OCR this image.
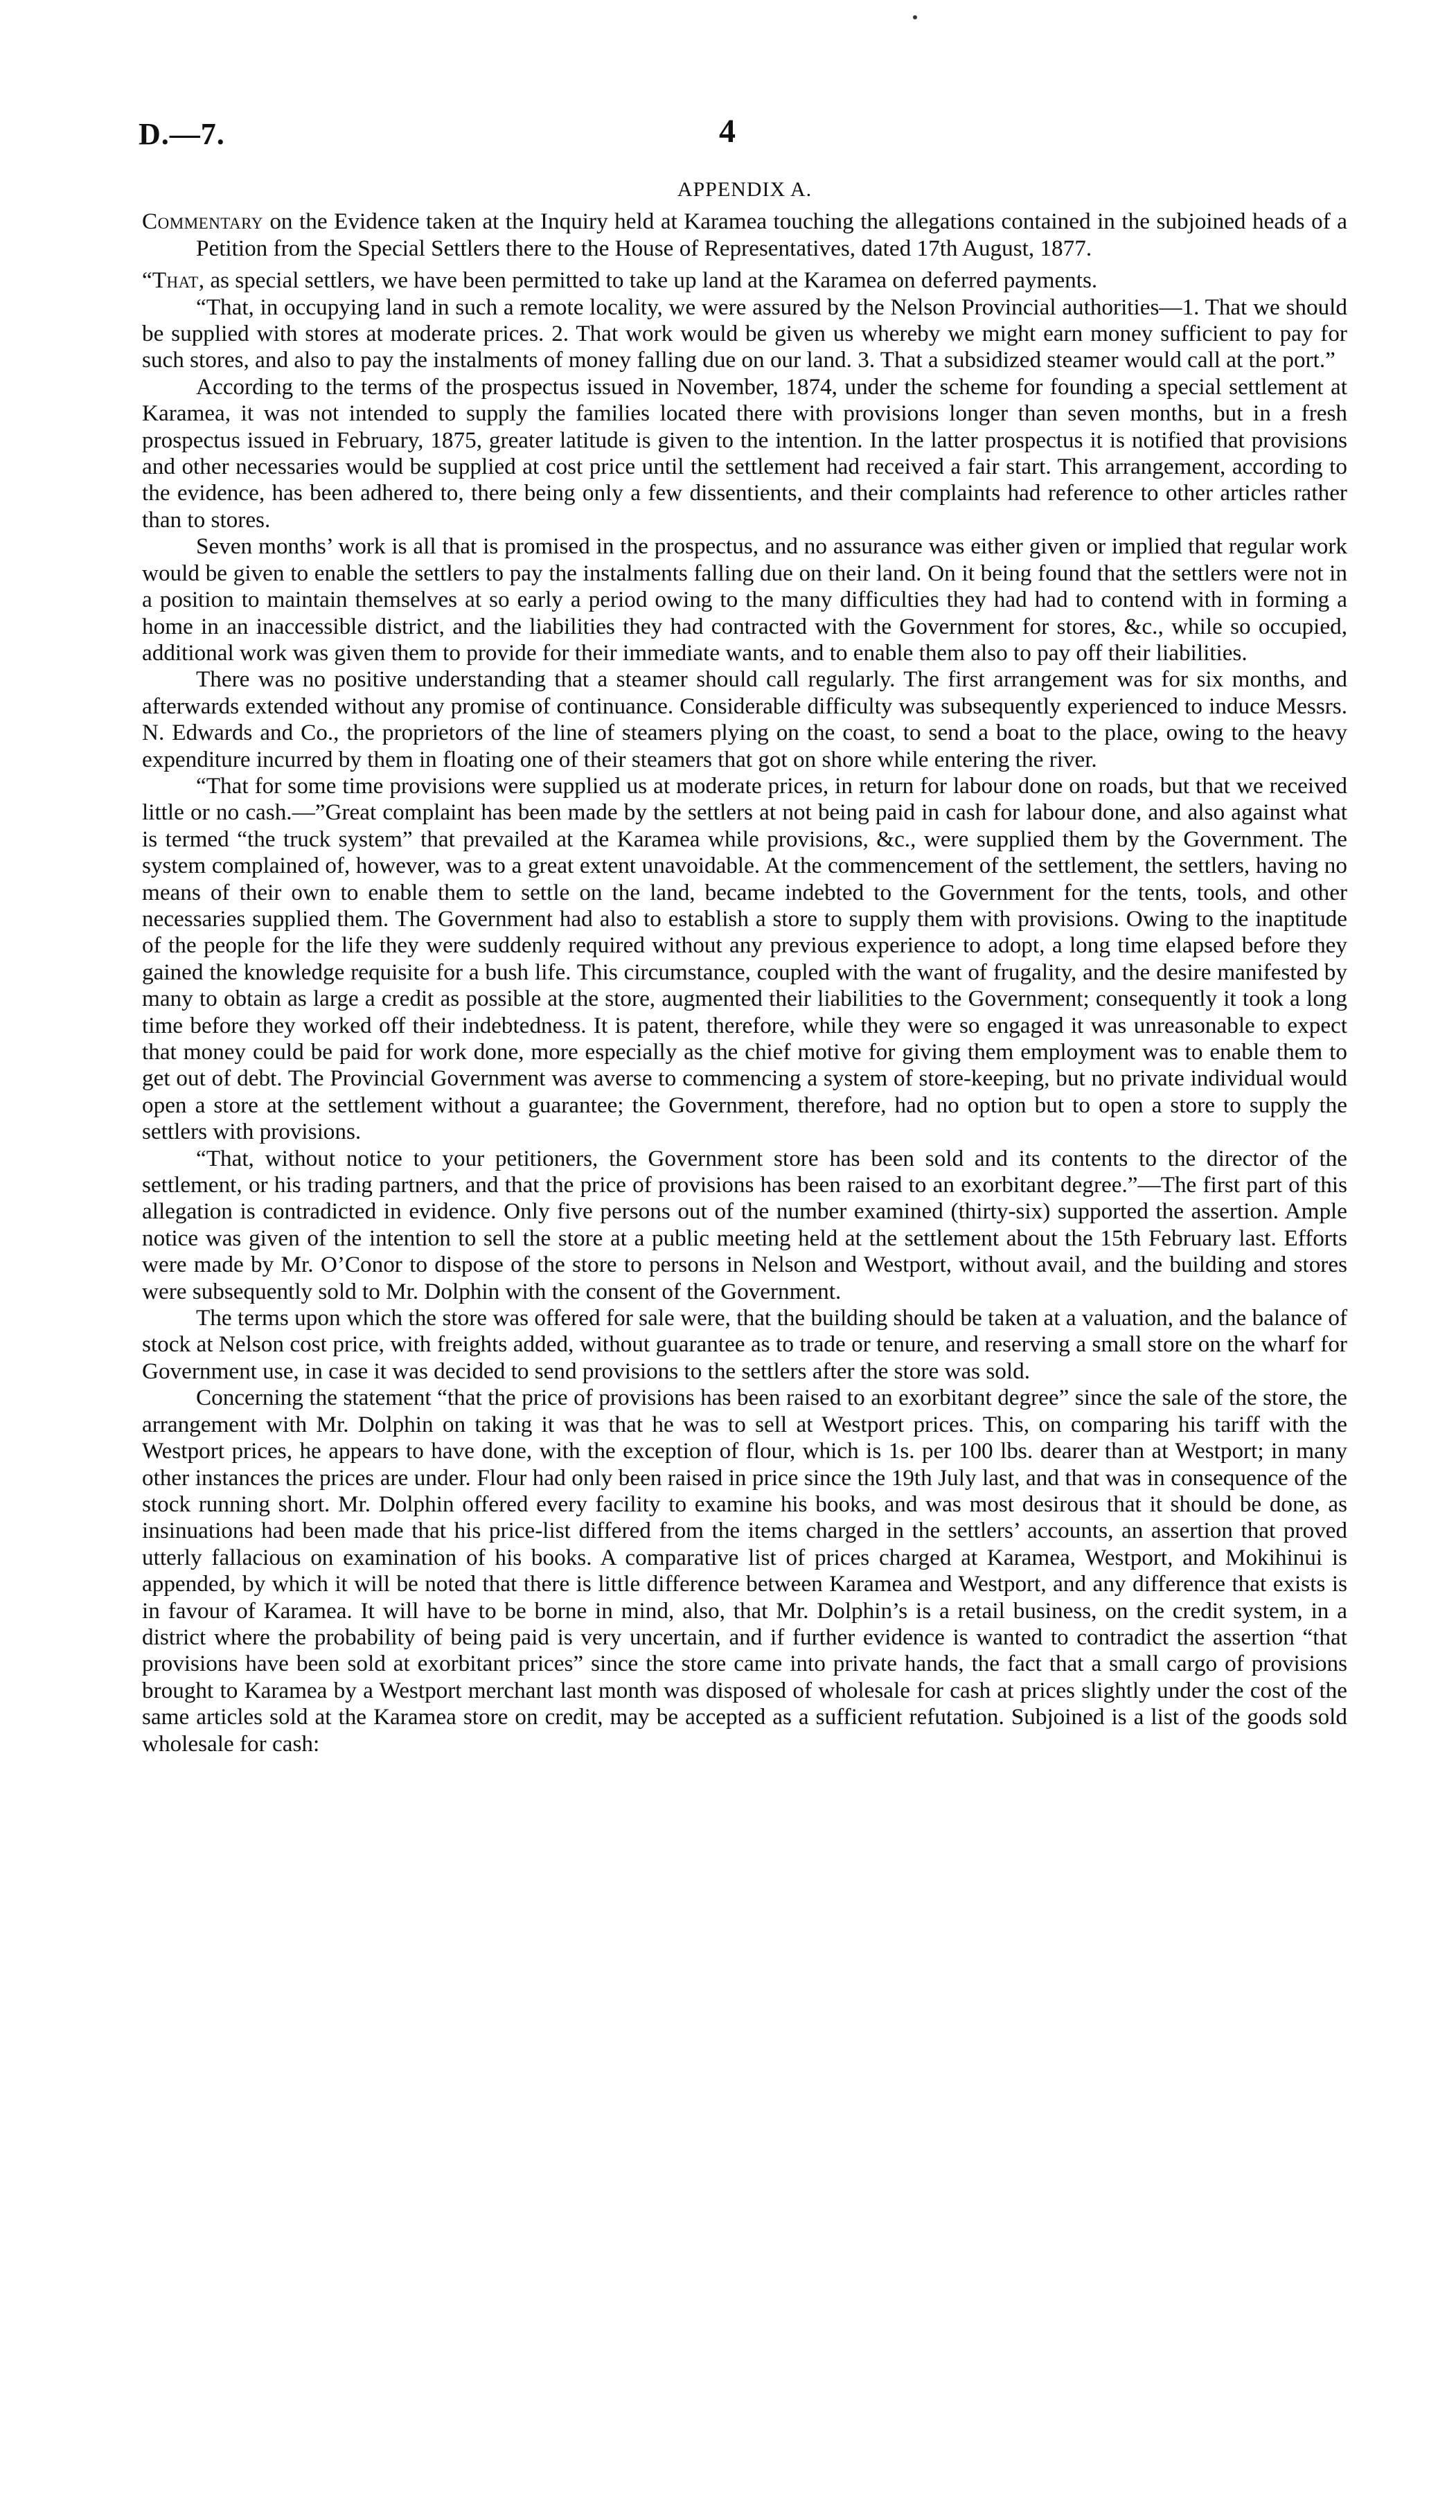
D.—7.	4
APPENDIX A.
Commentary on the Evidence taken at the Inquiry held at Karamea touching the allegations contained in the subjoined heads of a Petition from the Special Settlers there to the House of Representatives, dated 17th August, 1877.

“That, as special settlers, we have been permitted to take up land at the Karamea on deferred payments.

“That, in occupying land in such a remote locality, we were assured by the Nelson Provincial authorities—1. That we should be supplied with stores at moderate prices. 2. That work would be given us whereby we might earn money sufficient to pay for such stores, and also to pay the instalments of money falling due on our land. 3. That a subsidized steamer would call at the port.”

According to the terms of the prospectus issued in November, 1874, under the scheme for founding a special settlement at Karamea, it was not intended to supply the families located there with provisions longer than seven months, but in a fresh prospectus issued in February, 1875, greater latitude is given to the intention. In the latter prospectus it is notified that provisions and other necessaries would be supplied at cost price until the settlement had received a fair start. This arrangement, according to the evidence, has been adhered to, there being only a few dissentients, and their complaints had reference to other articles rather than to stores.

Seven months’ work is all that is promised in the prospectus, and no assurance was either given or implied that regular work would be given to enable the settlers to pay the instalments falling due on their land. On it being found that the settlers were not in a position to maintain themselves at so early a period owing to the many difficulties they had had to contend with in forming a home in an inaccessible district, and the liabilities they had contracted with the Government for stores, &c., while so occupied, additional work was given them to provide for their immediate wants, and to enable them also to pay off their liabilities.

There was no positive understanding that a steamer should call regularly. The first arrangement was for six months, and afterwards extended without any promise of continuance. Considerable difficulty was subsequently experienced to induce Messrs. N. Edwards and Co., the proprietors of the line of steamers plying on the coast, to send a boat to the place, owing to the heavy expenditure incurred by them in floating one of their steamers that got on shore while entering the river.

“That for some time provisions were supplied us at moderate prices, in return for labour done on roads, but that we received little or no cash.—”Great complaint has been made by the settlers at not being paid in cash for labour done, and also against what is termed “the truck system” that prevailed at the Karamea while provisions, &c., were supplied them by the Government. The system complained of, however, was to a great extent unavoidable. At the commencement of the settlement, the settlers, having no means of their own to enable them to settle on the land, became indebted to the Government for the tents, tools, and other necessaries supplied them. The Government had also to establish a store to supply them with provisions. Owing to the inaptitude of the people for the life they were suddenly required without any previous experience to adopt, a long time elapsed before they gained the knowledge requisite for a bush life. This circumstance, coupled with the want of frugality, and the desire manifested by many to obtain as large a credit as possible at the store, augmented their liabilities to the Government; consequently it took a long time before they worked off their indebtedness. It is patent, therefore, while they were so engaged it was unreasonable to expect that money could be paid for work done, more especially as the chief motive for giving them employment was to enable them to get out of debt. The Provincial Government was averse to commencing a system of store-keeping, but no private individual would open a store at the settlement without a guarantee; the Government, therefore, had no option but to open a store to supply the settlers with provisions.

“That, without notice to your petitioners, the Government store has been sold and its contents to the director of the settlement, or his trading partners, and that the price of provisions has been raised to an exorbitant degree.”—The first part of this allegation is contradicted in evidence. Only five persons out of the number examined (thirty-six) supported the assertion. Ample notice was given of the intention to sell the store at a public meeting held at the settlement about the 15th February last. Efforts were made by Mr. O’Conor to dispose of the store to persons in Nelson and Westport, without avail, and the building and stores were subsequently sold to Mr. Dolphin with the consent of the Government.

The terms upon which the store was offered for sale were, that the building should be taken at a valuation, and the balance of stock at Nelson cost price, with freights added, without guarantee as to trade or tenure, and reserving a small store on the wharf for Government use, in case it was decided to send provisions to the settlers after the store was sold.

Concerning the statement “that the price of provisions has been raised to an exorbitant degree” since the sale of the store, the arrangement with Mr. Dolphin on taking it was that he was to sell at Westport prices. This, on comparing his tariff with the Westport prices, he appears to have done, with the exception of flour, which is 1s. per 100 lbs. dearer than at Westport; in many other instances the prices are under. Flour had only been raised in price since the 19th July last, and that was in consequence of the stock running short. Mr. Dolphin offered every facility to examine his books, and was most desirous that it should be done, as insinuations had been made that his price-list differed from the items charged in the settlers’ accounts, an assertion that proved utterly fallacious on examination of his books. A comparative list of prices charged at Karamea, Westport, and Mokihinui is appended, by which it will be noted that there is little difference between Karamea and Westport, and any difference that exists is in favour of Karamea. It will have to be borne in mind, also, that Mr. Dolphin’s is a retail business, on the credit system, in a district where the probability of being paid is very uncertain, and if further evidence is wanted to contradict the assertion “that provisions have been sold at exorbitant prices” since the store came into private hands, the fact that a small cargo of provisions brought to Karamea by a Westport merchant last month was disposed of wholesale for cash at prices slightly under the cost of the same articles sold at the Karamea store on credit, may be accepted as a sufficient refutation. Subjoined is a list of the goods sold wholesale for cash:
